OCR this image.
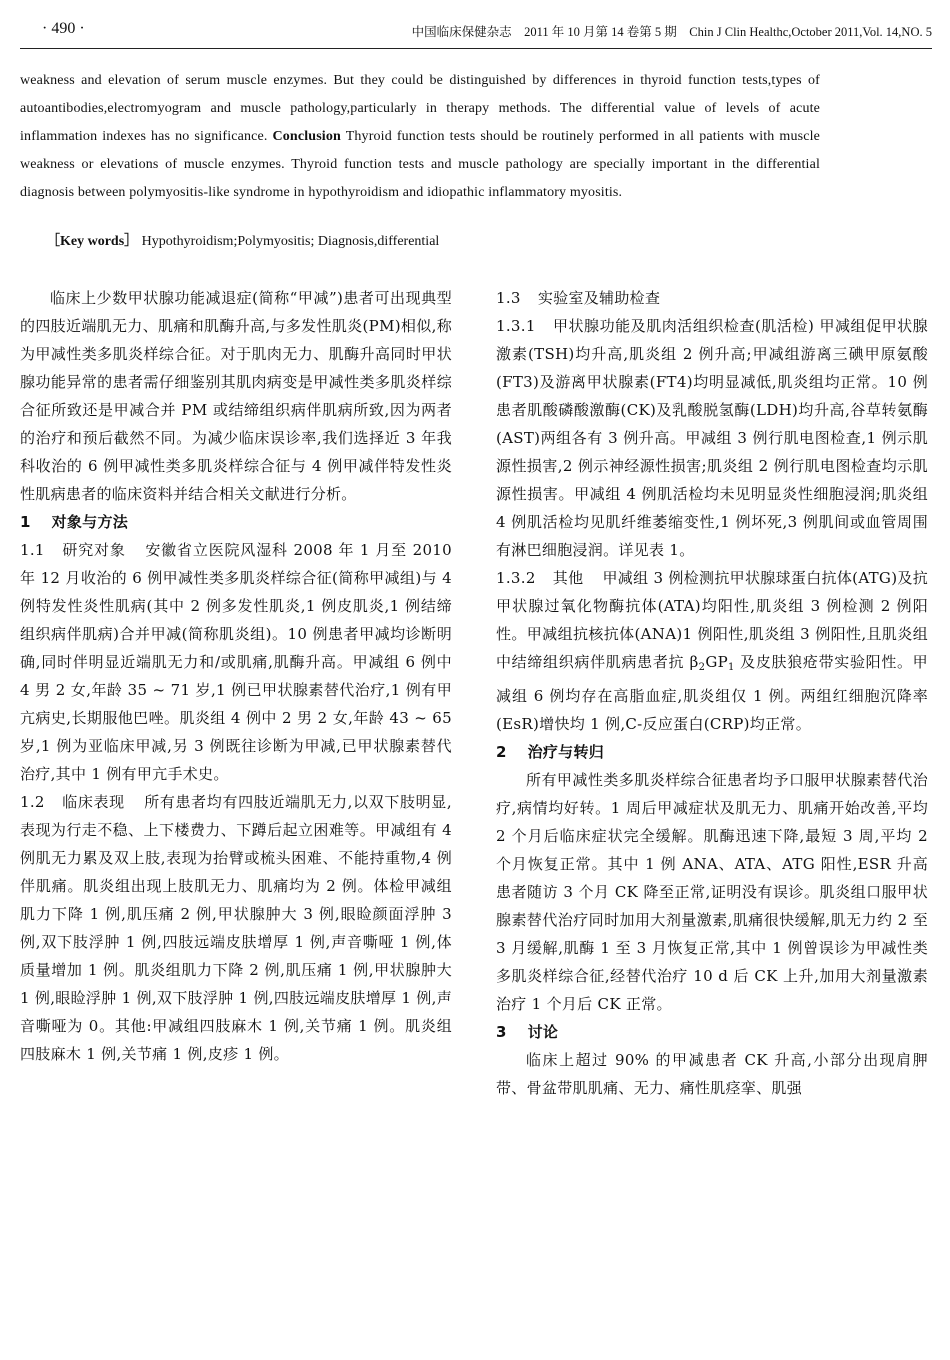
· 490 ·	中国临床保健杂志　2011 年 10 月第 14 卷第 5 期　Chin J Clin Healthc,October 2011,Vol. 14,NO. 5

weakness and elevation of serum muscle enzymes. But they could be distinguished by differences in thyroid function tests,types of autoantibodies,electromyogram and muscle pathology,particularly in therapy methods. The differential value of levels of acute inflammation indexes has no significance. Conclusion Thyroid function tests should be routinely performed in all patients with muscle weakness or elevations of muscle enzymes. Thyroid function tests and muscle pathology are specially important in the differential diagnosis between polymyositis-like syndrome in hypothyroidism and idiopathic inflammatory myositis.

［Key words］ Hypothyroidism;Polymyositis; Diagnosis,differential

临床上少数甲状腺功能减退症(简称“甲减”)患者可出现典型的四肢近端肌无力、肌痛和肌酶升高,与多发性肌炎(PM)相似,称为甲减性类多肌炎样综合征。对于肌肉无力、肌酶升高同时甲状腺功能异常的患者需仔细鉴别其肌肉病变是甲减性类多肌炎样综合征所致还是甲减合并 PM 或结缔组织病伴肌病所致,因为两者的治疗和预后截然不同。为减少临床误诊率,我们选择近 3 年我科收治的 6 例甲减性类多肌炎样综合征与 4 例甲减伴特发性炎性肌病患者的临床资料并结合相关文献进行分析。

1　 对象与方法

1.1 研究对象 安徽省立医院风湿科 2008 年 1 月至 2010 年 12 月收治的 6 例甲减性类多肌炎样综合征(简称甲减组)与 4 例特发性炎性肌病(其中 2 例多发性肌炎,1 例皮肌炎,1 例结缔组织病伴肌病)合并甲减(简称肌炎组)。10 例患者甲减均诊断明确,同时伴明显近端肌无力和/或肌痛,肌酶升高。甲减组 6 例中 4 男 2 女,年龄 35 ~ 71 岁,1 例已甲状腺素替代治疗,1 例有甲亢病史,长期服他巴唑。肌炎组 4 例中 2 男 2 女,年龄 43 ~ 65 岁,1 例为亚临床甲减,另 3 例既往诊断为甲减,已甲状腺素替代治疗,其中 1 例有甲亢手术史。

1.2 临床表现 所有患者均有四肢近端肌无力,以双下肢明显,表现为行走不稳、上下楼费力、下蹲后起立困难等。甲减组有 4 例肌无力累及双上肢,表现为抬臂或梳头困难、不能持重物,4 例伴肌痛。肌炎组出现上肢肌无力、肌痛均为 2 例。体检甲减组肌力下降 1 例,肌压痛 2 例,甲状腺肿大 3 例,眼睑颜面浮肿 3 例,双下肢浮肿 1 例,四肢远端皮肤增厚 1 例,声音嘶哑 1 例,体质量增加 1 例。肌炎组肌力下降 2 例,肌压痛 1 例,甲状腺肿大 1 例,眼睑浮肿 1 例,双下肢浮肿 1 例,四肢远端皮肤增厚 1 例,声音嘶哑为 0。其他:甲减组四肢麻木 1 例,关节痛 1 例。肌炎组四肢麻木 1 例,关节痛 1 例,皮疹 1 例。

1.3 实验室及辅助检查

1.3.1 甲状腺功能及肌肉活组织检查(肌活检) 甲减组促甲状腺激素(TSH)均升高,肌炎组 2 例升高;甲减组游离三碘甲原氨酸(FT3)及游离甲状腺素(FT4)均明显减低,肌炎组均正常。10 例患者肌酸磷酸激酶(CK)及乳酸脱氢酶(LDH)均升高,谷草转氨酶(AST)两组各有 3 例升高。甲减组 3 例行肌电图检查,1 例示肌源性损害,2 例示神经源性损害;肌炎组 2 例行肌电图检查均示肌源性损害。甲减组 4 例肌活检均未见明显炎性细胞浸润;肌炎组 4 例肌活检均见肌纤维萎缩变性,1 例坏死,3 例肌间或血管周围有淋巴细胞浸润。详见表 1。

1.3.2 其他 甲减组 3 例检测抗甲状腺球蛋白抗体(ATG)及抗甲状腺过氧化物酶抗体(ATA)均阳性,肌炎组 3 例检测 2 例阳性。甲减组抗核抗体(ANA)1 例阳性,肌炎组 3 例阳性,且肌炎组中结缔组织病伴肌病患者抗 $\beta_2GP_1$ 及皮肤狼疮带实验阳性。甲减组 6 例均存在高脂血症,肌炎组仅 1 例。两组红细胞沉降率(EsR)增快均 1 例,C-反应蛋白(CRP)均正常。

2　 治疗与转归

所有甲减性类多肌炎样综合征患者均予口服甲状腺素替代治疗,病情均好转。1 周后甲减症状及肌无力、肌痛开始改善,平均 2 个月后临床症状完全缓解。肌酶迅速下降,最短 3 周,平均 2 个月恢复正常。其中 1 例 ANA、ATA、ATG 阳性,ESR 升高患者随访 3 个月 CK 降至正常,证明没有误诊。肌炎组口服甲状腺素替代治疗同时加用大剂量激素,肌痛很快缓解,肌无力约 2 至 3 月缓解,肌酶 1 至 3 月恢复正常,其中 1 例曾误诊为甲减性类多肌炎样综合征,经替代治疗 10 d 后 CK 上升,加用大剂量激素治疗 1 个月后 CK 正常。

3　 讨论

临床上超过 90% 的甲减患者 CK 升高,小部分出现肩胛带、骨盆带肌肌痛、无力、痛性肌痉挛、肌强
